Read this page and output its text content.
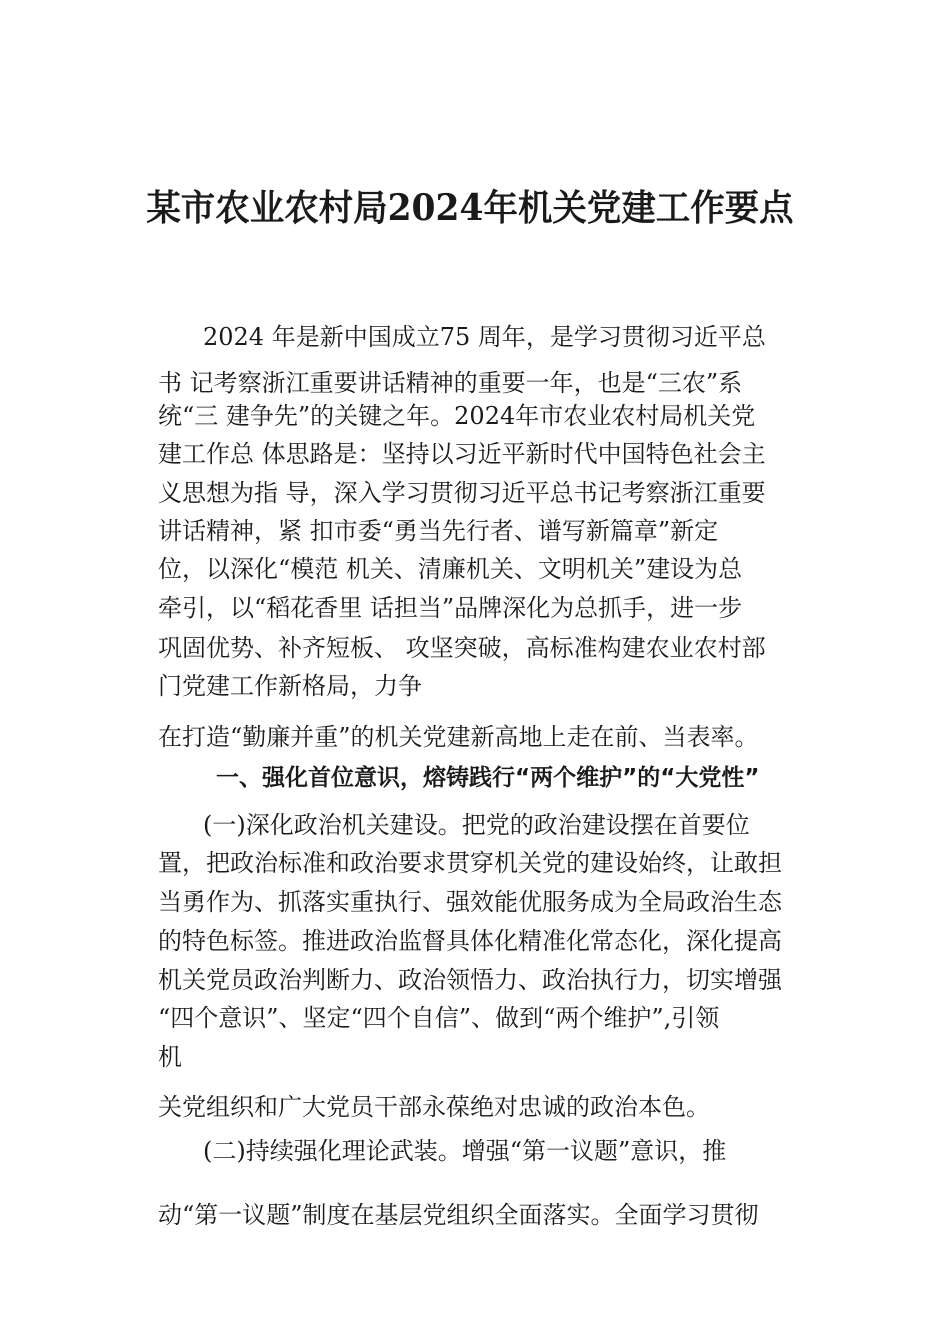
某市农业农村局2024年机关党建工作要点
2024 年是新中国成立75 周年，是学习贯彻习近平总
书 记考察浙江重要讲话精神的重要一年，也是“三农”系
统“三 建争先”的关键之年。2024年市农业农村局机关党
建工作总 体思路是：坚持以习近平新时代中国特色社会主
义思想为指 导，深入学习贯彻习近平总书记考察浙江重要
讲话精神，紧 扣市委“勇当先行者、谱写新篇章”新定
位，以深化“模范 机关、清廉机关、文明机关”建设为总
牵引，以“稻花香里 话担当”品牌深化为总抓手，进一步
巩固优势、补齐短板、 攻坚突破，高标准构建农业农村部
门党建工作新格局，力争
在打造“勤廉并重”的机关党建新高地上走在前、当表率。
一、强化首位意识，熔铸践行“两个维护”的“大党性”
(一)深化政治机关建设。把党的政治建设摆在首要位
置，把政治标准和政治要求贯穿机关党的建设始终，让敢担
当勇作为、抓落实重执行、强效能优服务成为全局政治生态
的特色标签。推进政治监督具体化精准化常态化，深化提高
机关党员政治判断力、政治领悟力、政治执行力，切实增强
“四个意识”、坚定“四个自信”、做到“两个维护”,引领
机
关党组织和广大党员干部永葆绝对忠诚的政治本色。
(二)持续强化理论武装。增强“第一议题”意识，推
动“第一议题”制度在基层党组织全面落实。全面学习贯彻
